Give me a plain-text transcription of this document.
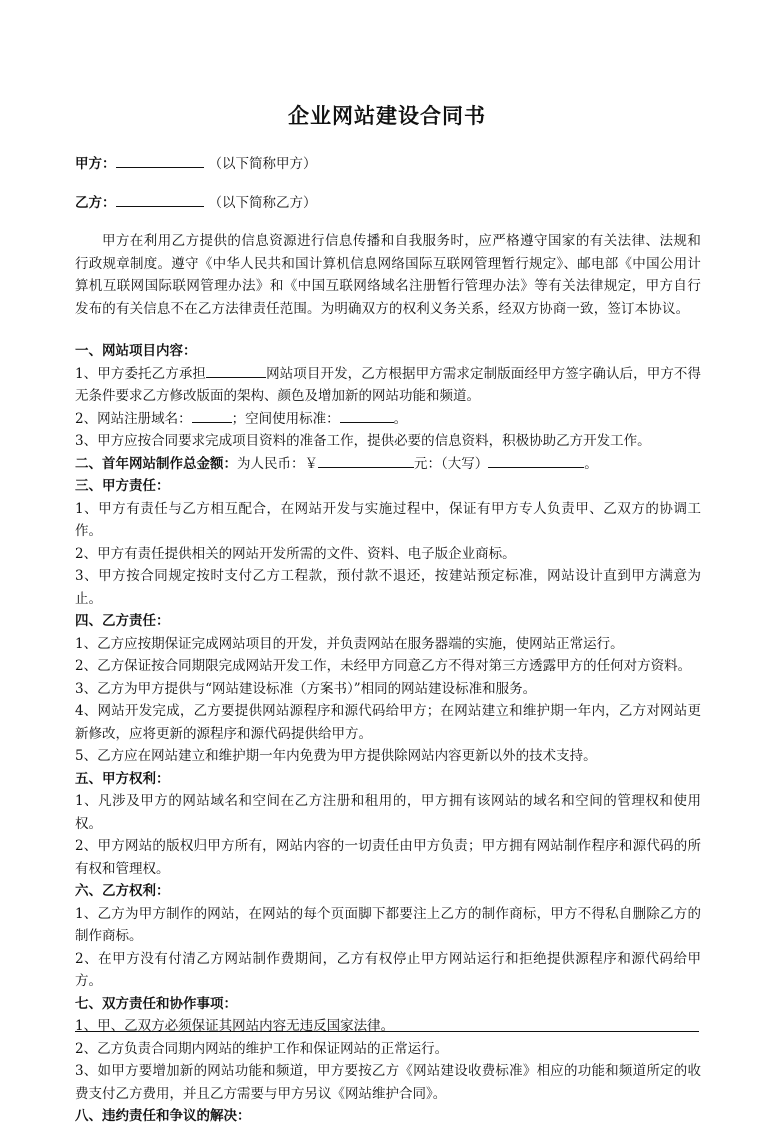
企业网站建设合同书
甲方：	（以下简称甲方）
乙方：	（以下简称乙方）
甲方在利用乙方提供的信息资源进行信息传播和自我服务时，应严格遵守国家的有关法律、法规和行政规章制度。遵守《中华人民共和国计算机信息网络国际互联网管理暂行规定》、邮电部《中国公用计算机互联网国际联网管理办法》和《中国互联网络域名注册暂行管理办法》等有关法律规定，甲方自行发布的有关信息不在乙方法律责任范围。为明确双方的权利义务关系，经双方协商一致，签订本协议。

一、网站项目内容：

1、甲方委托乙方承担	网站项目开发，乙方根据甲方需求定制版面经甲方签字确认后，甲方不得无条件要求乙方修改版面的架构、颜色及增加新的网站功能和频道。

2、网站注册域名：	；空间使用标准：	。

3、甲方应按合同要求完成项目资料的准备工作，提供必要的信息资料，积极协助乙方开发工作。

二、首年网站制作总金额：为人民币：￥	元：（大写）	。

三、甲方责任：

1、甲方有责任与乙方相互配合，在网站开发与实施过程中，保证有甲方专人负责甲、乙双方的协调工作。

2、甲方有责任提供相关的网站开发所需的文件、资料、电子版企业商标。

3、甲方按合同规定按时支付乙方工程款，预付款不退还，按建站预定标准，网站设计直到甲方满意为止。

四、乙方责任：

1、乙方应按期保证完成网站项目的开发，并负责网站在服务器端的实施，使网站正常运行。

2、乙方保证按合同期限完成网站开发工作，未经甲方同意乙方不得对第三方透露甲方的任何对方资料。

3、乙方为甲方提供与“网站建设标准（方案书）”相同的网站建设标准和服务。

4、网站开发完成，乙方要提供网站源程序和源代码给甲方；在网站建立和维护期一年内，乙方对网站更新修改，应将更新的源程序和源代码提供给甲方。

5、乙方应在网站建立和维护期一年内免费为甲方提供除网站内容更新以外的技术支持。

五、甲方权利：

1、凡涉及甲方的网站域名和空间在乙方注册和租用的，甲方拥有该网站的域名和空间的管理权和使用权。

2、甲方网站的版权归甲方所有，网站内容的一切责任由甲方负责；甲方拥有网站制作程序和源代码的所有权和管理权。

六、乙方权利：

1、乙方为甲方制作的网站，在网站的每个页面脚下都要注上乙方的制作商标，甲方不得私自删除乙方的制作商标。

2、在甲方没有付清乙方网站制作费期间，乙方有权停止甲方网站运行和拒绝提供源程序和源代码给甲方。

七、双方责任和协作事项：

1、甲、乙双方必须保证其网站内容无违反国家法律。

2、乙方负责合同期内网站的维护工作和保证网站的正常运行。

3、如甲方要增加新的网站功能和频道，甲方要按乙方《网站建设收费标准》相应的功能和频道所定的收费支付乙方费用，并且乙方需要与甲方另议《网站维护合同》。

八、违约责任和争议的解决：
